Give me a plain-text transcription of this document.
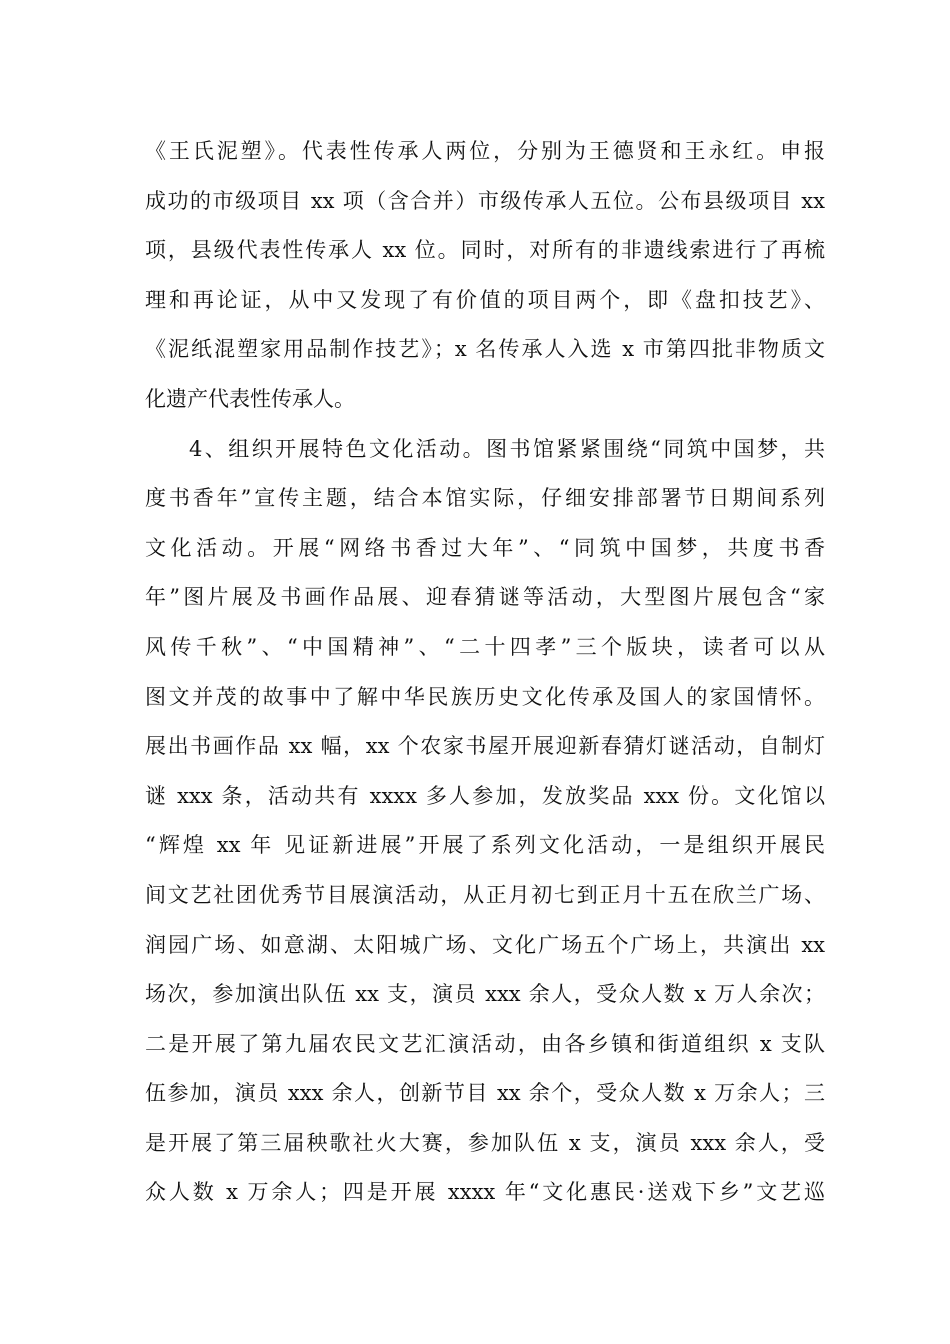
《王氏泥塑》。代表性传承人两位，分别为王德贤和王永红。申报
成功的市级项目 xx 项（含合并）市级传承人五位。公布县级项目 xx
项，县级代表性传承人 xx 位。同时，对所有的非遗线索进行了再梳
理和再论证，从中又发现了有价值的项目两个，即《盘扣技艺》、
《泥纸混塑家用品制作技艺》；x 名传承人入选 x 市第四批非物质文
化遗产代表性传承人。
4、组织开展特色文化活动。图书馆紧紧围绕“同筑中国梦，共
度书香年”宣传主题，结合本馆实际，仔细安排部署节日期间系列
文化活动。开展“网络书香过大年”、“同筑中国梦，共度书香
年”图片展及书画作品展、迎春猜谜等活动，大型图片展包含“家
风传千秋”、“中国精神”、“二十四孝”三个版块，读者可以从
图文并茂的故事中了解中华民族历史文化传承及国人的家国情怀。
展出书画作品 xx 幅，xx 个农家书屋开展迎新春猜灯谜活动，自制灯
谜 xxx 条，活动共有 xxxx 多人参加，发放奖品 xxx 份。文化馆以
“辉煌 xx 年 见证新进展”开展了系列文化活动，一是组织开展民
间文艺社团优秀节目展演活动，从正月初七到正月十五在欣兰广场、
润园广场、如意湖、太阳城广场、文化广场五个广场上，共演出 xx
场次，参加演出队伍 xx 支，演员 xxx 余人，受众人数 x 万人余次；
二是开展了第九届农民文艺汇演活动，由各乡镇和街道组织 x 支队
伍参加，演员 xxx 余人，创新节目 xx 余个，受众人数 x 万余人；三
是开展了第三届秧歌社火大赛，参加队伍 x 支，演员 xxx 余人，受
众人数 x 万余人；四是开展 xxxx 年“文化惠民·送戏下乡”文艺巡
